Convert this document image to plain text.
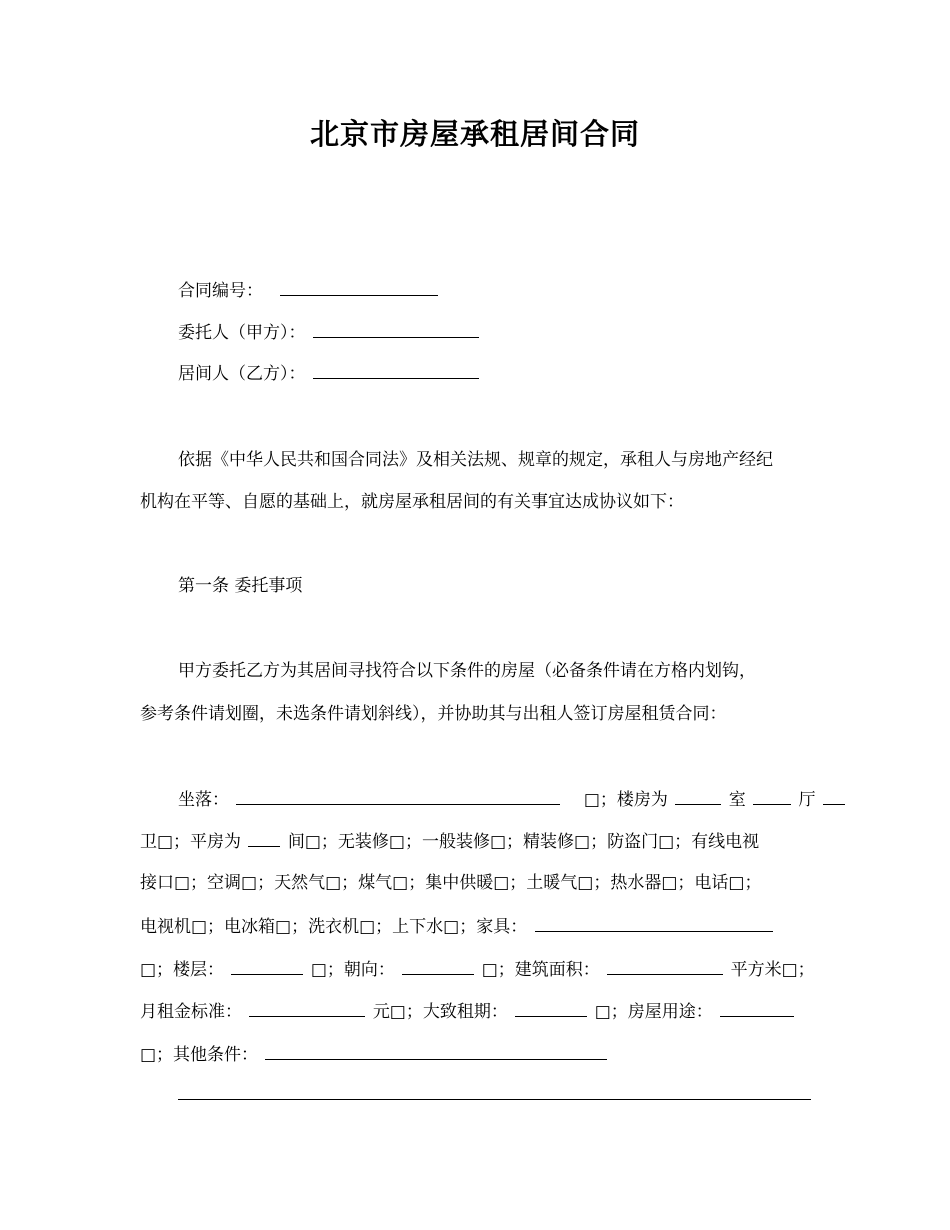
北京市房屋承租居间合同
合同编号：
委托人（甲方）：
居间人（乙方）：
依据《中华人民共和国合同法》及相关法规、规章的规定，承租人与房地产经纪
机构在平等、自愿的基础上，就房屋承租居间的有关事宜达成协议如下：
第一条 委托事项
甲方委托乙方为其居间寻找符合以下条件的房屋（必备条件请在方格内划钩，
参考条件请划圈，未选条件请划斜线），并协助其与出租人签订房屋租赁合同：
坐落：	□；楼房为	室	厅
卫□；平房为	间□；无装修□；一般装修□；精装修□；防盗门□；有线电视
接口□；空调□；天然气□；煤气□；集中供暖□；土暖气□；热水器□；电话□；
电视机□；电冰箱□；洗衣机□；上下水□；家具：
□；楼层：	□；朝向：	□；建筑面积：	平方米□；
月租金标准：	元□；大致租期：	□；房屋用途：
□；其他条件：
